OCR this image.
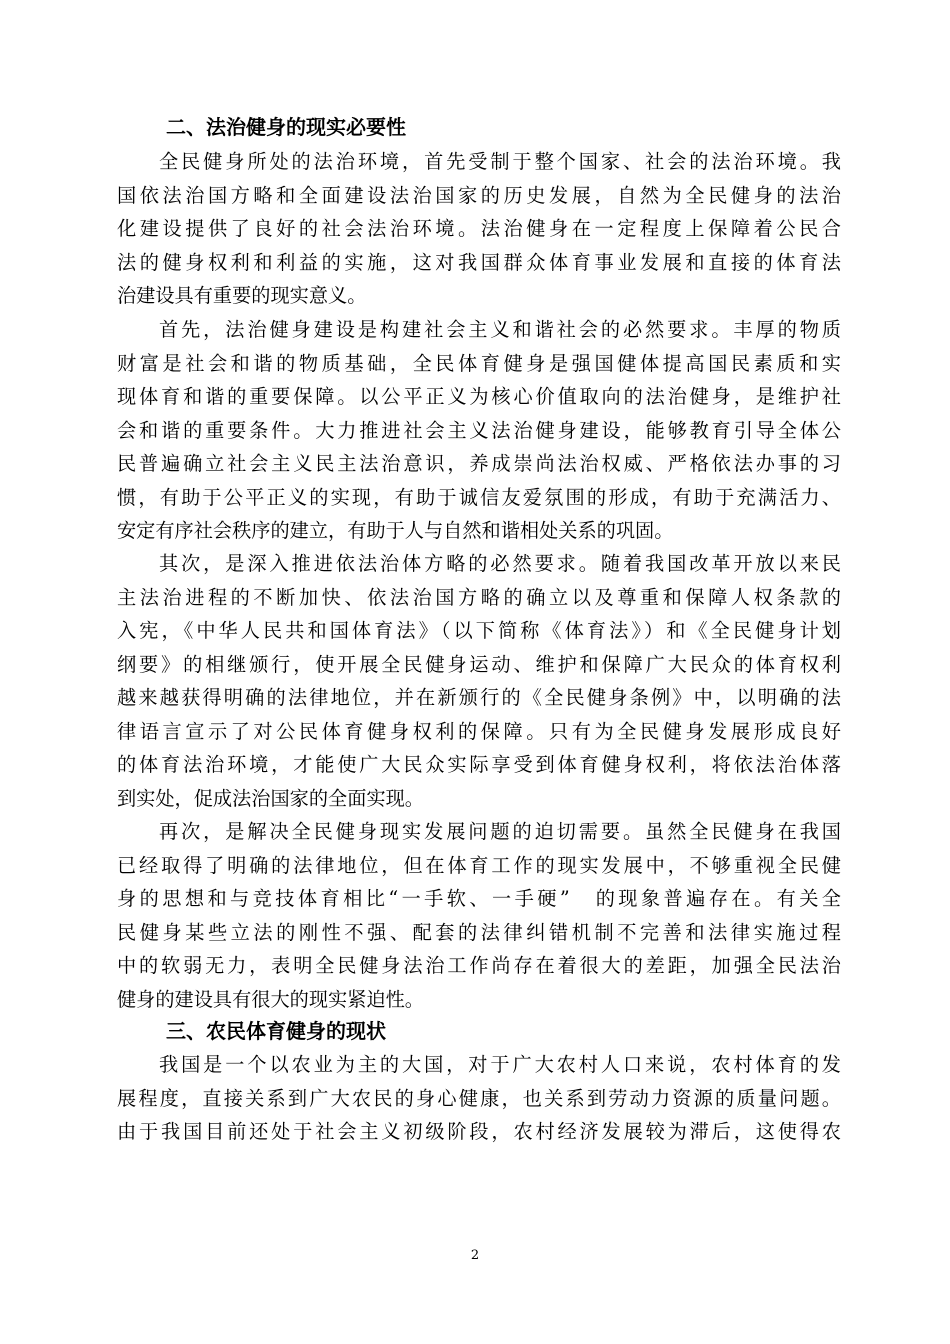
二、法治健身的现实必要性
全民健身所处的法治环境，首先受制于整个国家、社会的法治环境。我
国依法治国方略和全面建设法治国家的历史发展，自然为全民健身的法治
化建设提供了良好的社会法治环境。法治健身在一定程度上保障着公民合
法的健身权利和利益的实施，这对我国群众体育事业发展和直接的体育法
治建设具有重要的现实意义。
首先，法治健身建设是构建社会主义和谐社会的必然要求。丰厚的物质
财富是社会和谐的物质基础，全民体育健身是强国健体提高国民素质和实
现体育和谐的重要保障。以公平正义为核心价值取向的法治健身，是维护社
会和谐的重要条件。大力推进社会主义法治健身建设，能够教育引导全体公
民普遍确立社会主义民主法治意识，养成崇尚法治权威、严格依法办事的习
惯，有助于公平正义的实现，有助于诚信友爱氛围的形成，有助于充满活力、
安定有序社会秩序的建立，有助于人与自然和谐相处关系的巩固。
其次，是深入推进依法治体方略的必然要求。随着我国改革开放以来民
主法治进程的不断加快、依法治国方略的确立以及尊重和保障人权条款的
入宪，《中华人民共和国体育法》（以下简称《体育法》）和《全民健身计划
纲要》的相继颁行，使开展全民健身运动、维护和保障广大民众的体育权利
越来越获得明确的法律地位，并在新颁行的《全民健身条例》中，以明确的法
律语言宣示了对公民体育健身权利的保障。只有为全民健身发展形成良好
的体育法治环境，才能使广大民众实际享受到体育健身权利，将依法治体落
到实处，促成法治国家的全面实现。
再次，是解决全民健身现实发展问题的迫切需要。虽然全民健身在我国
已经取得了明确的法律地位，但在体育工作的现实发展中，不够重视全民健
身的思想和与竞技体育相比“一手软、一手硬”　的现象普遍存在。有关全
民健身某些立法的刚性不强、配套的法律纠错机制不完善和法律实施过程
中的软弱无力，表明全民健身法治工作尚存在着很大的差距，加强全民法治
健身的建设具有很大的现实紧迫性。
三、农民体育健身的现状
我国是一个以农业为主的大国，对于广大农村人口来说，农村体育的发
展程度，直接关系到广大农民的身心健康，也关系到劳动力资源的质量问题。
由于我国目前还处于社会主义初级阶段，农村经济发展较为滞后，这使得农
2
